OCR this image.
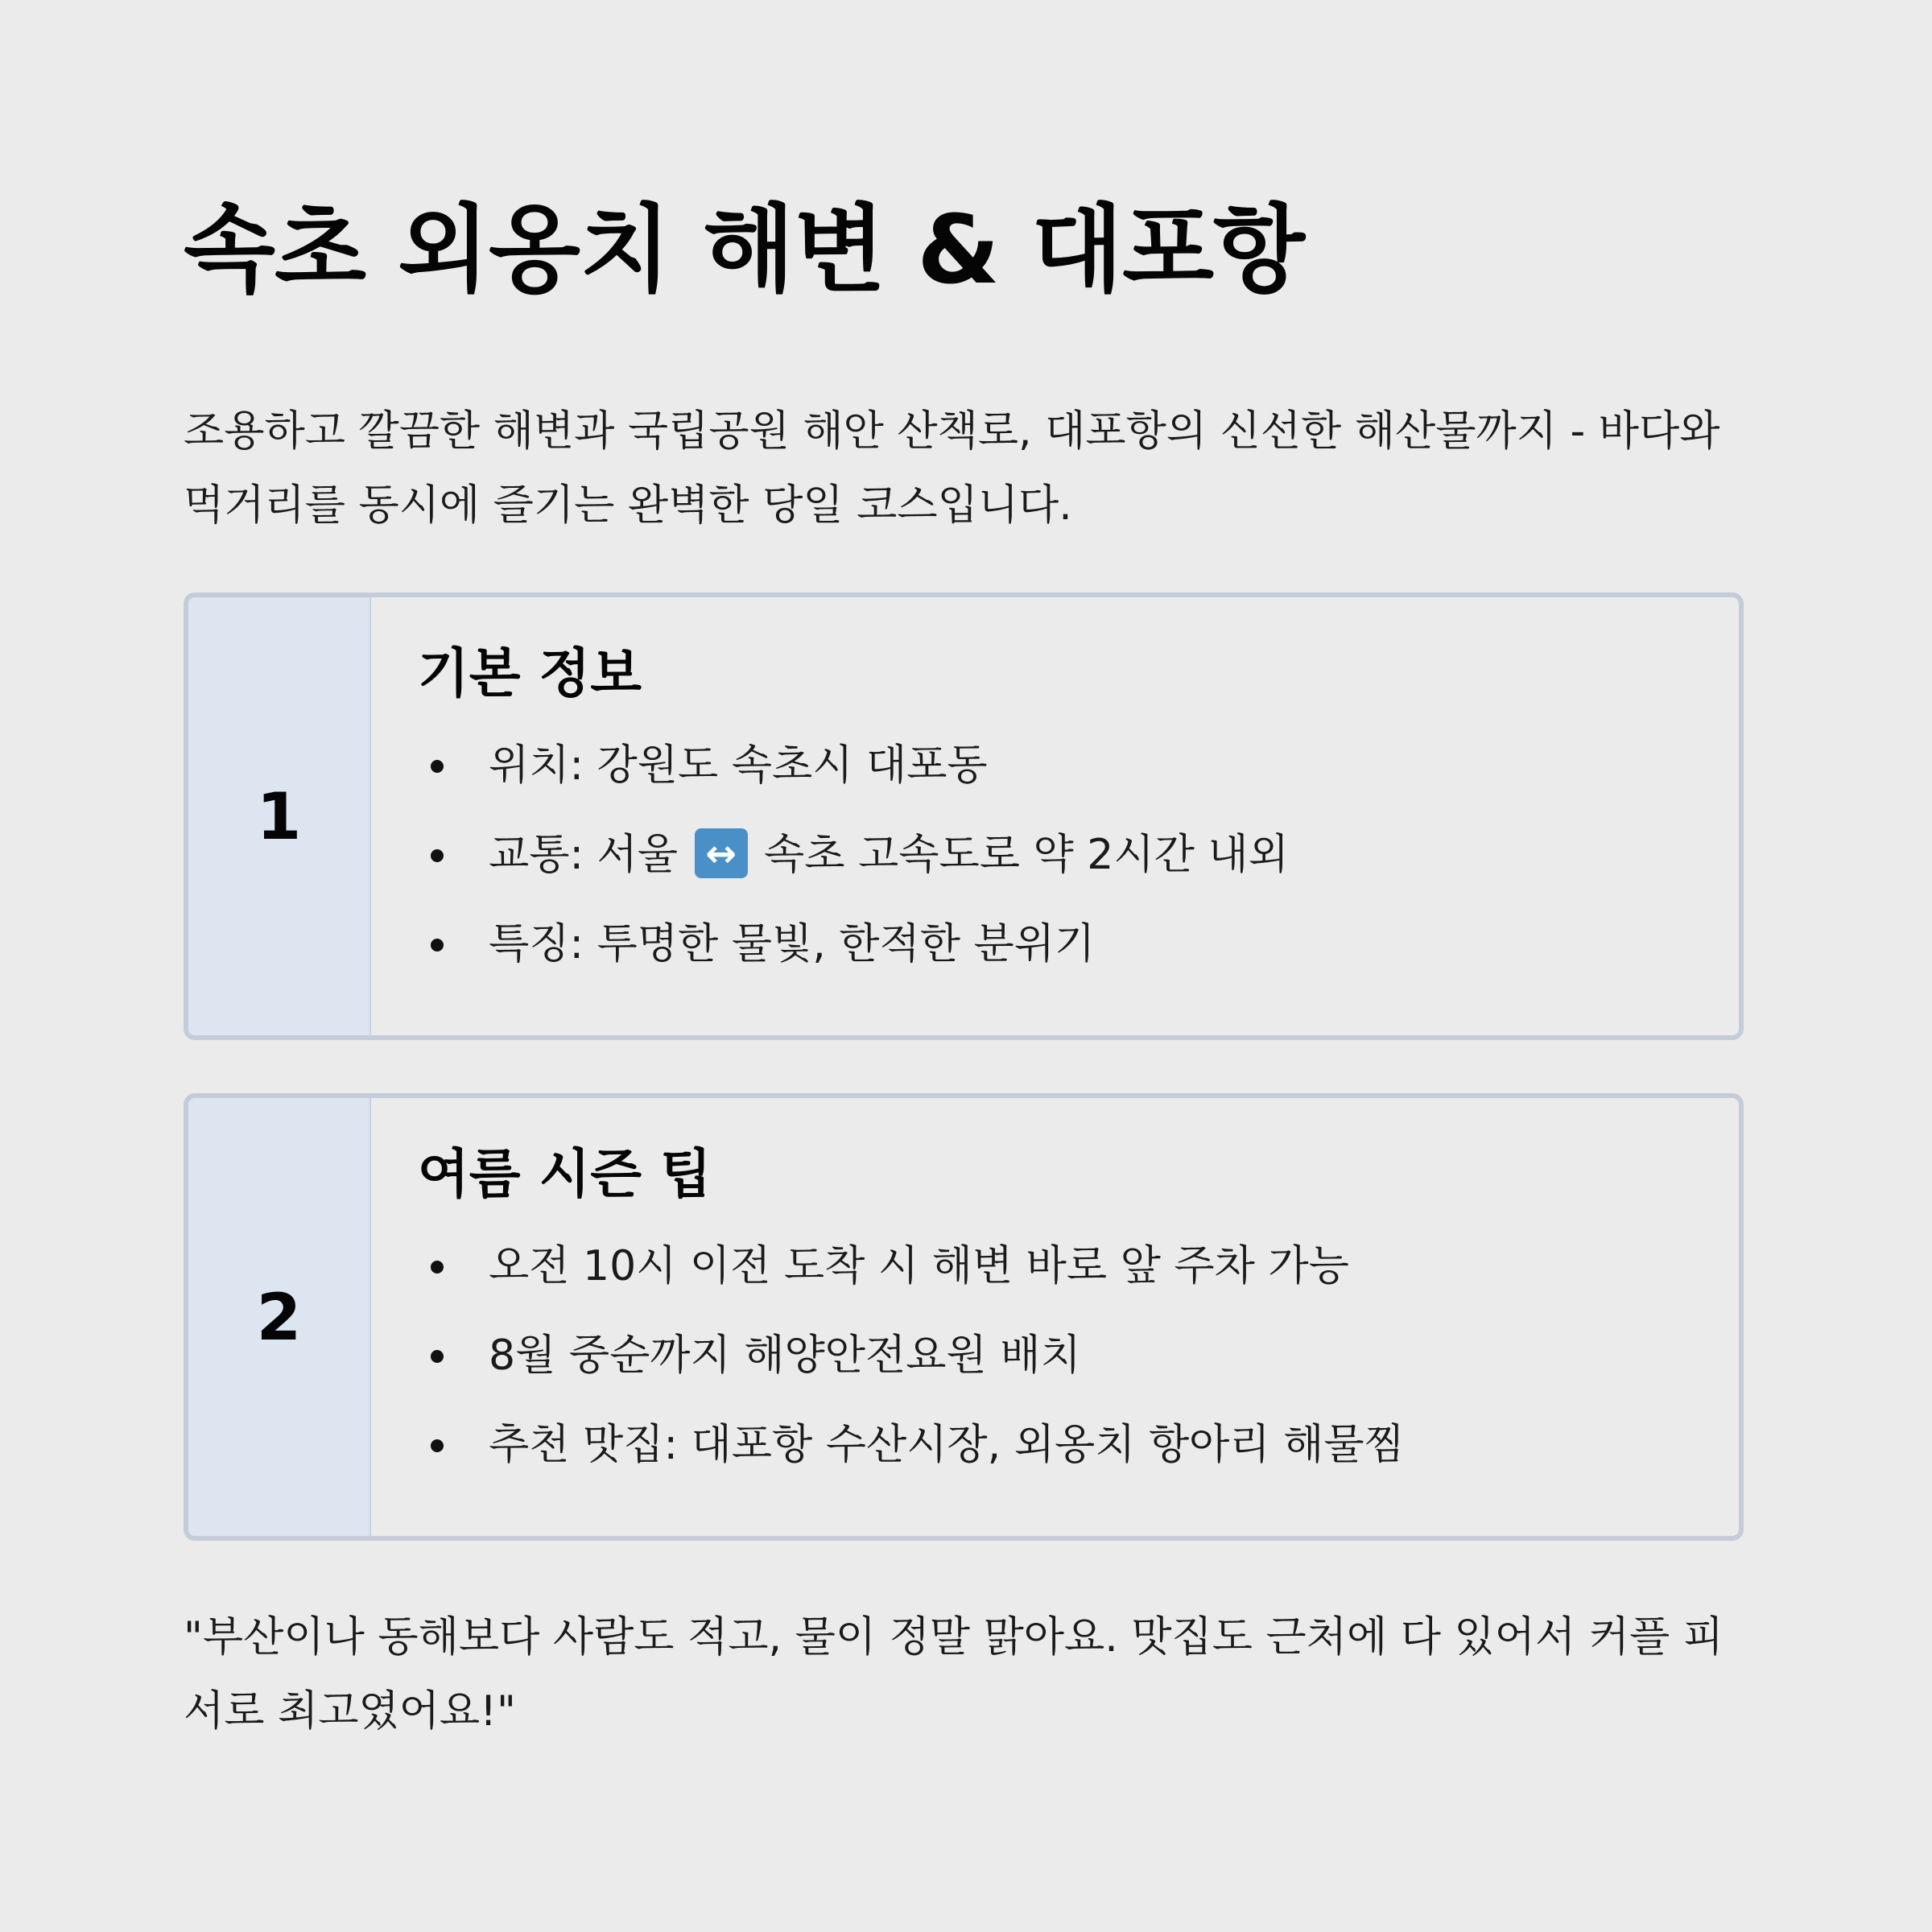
속초 외옹치 해변 & 대포항

조용하고 깔끔한 해변과 국립공원 해안 산책로, 대포항의 신선한 해산물까지 - 바다와 먹거리를 동시에 즐기는 완벽한 당일 코스입니다.

1
기본 정보
위치: 강원도 속초시 대포동
교통: 서울 ↔ 속초 고속도로 약 2시간 내외
특징: 투명한 물빛, 한적한 분위기
2
여름 시즌 팁
오전 10시 이전 도착 시 해변 바로 앞 주차 가능
8월 중순까지 해양안전요원 배치
추천 맛집: 대포항 수산시장, 외옹치 항아리 해물찜

"부산이나 동해보다 사람도 적고, 물이 정말 맑아요. 맛집도 근처에 다 있어서 커플 피서로 최고였어요!"
